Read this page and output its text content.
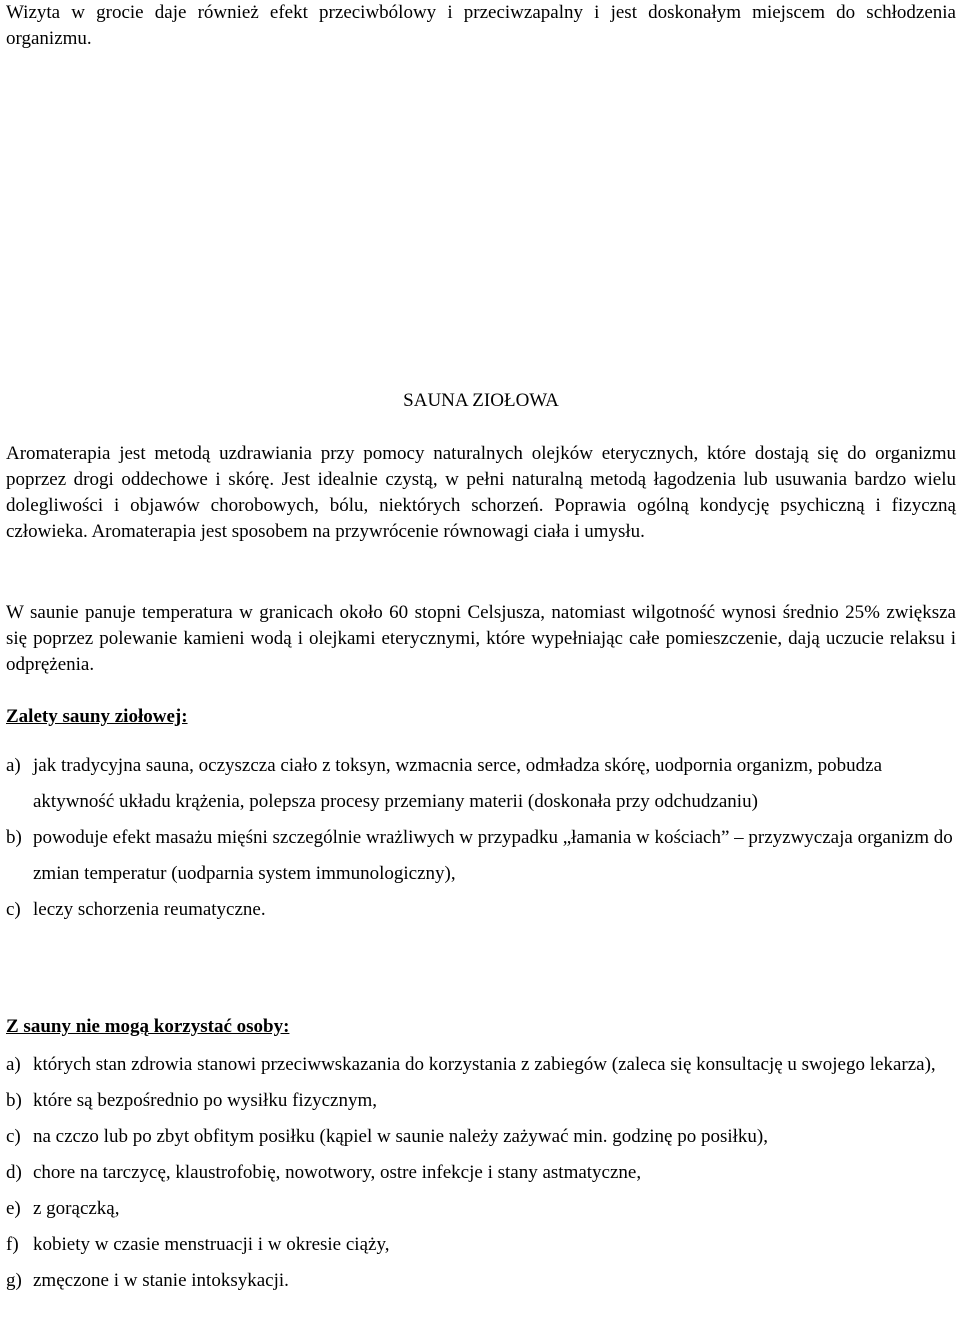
Wizyta w grocie daje również efekt przeciwbólowy i przeciwzapalny i jest doskonałym miejscem do schłodzenia organizmu.

SAUNA ZIOŁOWA

Aromaterapia jest metodą uzdrawiania przy pomocy naturalnych olejków eterycznych, które dostają się do organizmu poprzez drogi oddechowe i skórę. Jest idealnie czystą, w pełni naturalną metodą łagodzenia lub usuwania bardzo wielu dolegliwości i objawów chorobowych, bólu, niektórych schorzeń. Poprawia ogólną kondycję psychiczną i fizyczną człowieka. Aromaterapia jest sposobem na przywrócenie równowagi ciała i umysłu.

W saunie panuje temperatura w granicach około 60 stopni Celsjusza, natomiast wilgotność wynosi średnio 25% zwiększa się poprzez polewanie kamieni wodą i olejkami eterycznymi, które wypełniając całe pomieszczenie, dają uczucie relaksu i odprężenia.

Zalety sauny ziołowej:
a) jak tradycyjna sauna, oczyszcza ciało z toksyn, wzmacnia serce, odmładza skórę, uodpornia organizm, pobudza aktywność układu krążenia, polepsza procesy przemiany materii (doskonała przy odchudzaniu)
b) powoduje efekt masażu mięśni szczególnie wrażliwych w przypadku „łamania w kościach” – przyzwyczaja organizm do zmian temperatur (uodparnia system immunologiczny),
c) leczy schorzenia reumatyczne.
Z sauny nie mogą korzystać osoby:
a) których stan zdrowia stanowi przeciwwskazania do korzystania z zabiegów (zaleca się konsultację u swojego lekarza),
b) które są bezpośrednio po wysiłku fizycznym,
c) na czczo lub po zbyt obfitym posiłku (kąpiel w saunie należy zażywać min. godzinę po posiłku),
d) chore na tarczycę, klaustrofobię, nowotwory, ostre infekcje i stany astmatyczne,
e) z gorączką,
f) kobiety w czasie menstruacji i w okresie ciąży,
g) zmęczone i w stanie intoksykacji.
